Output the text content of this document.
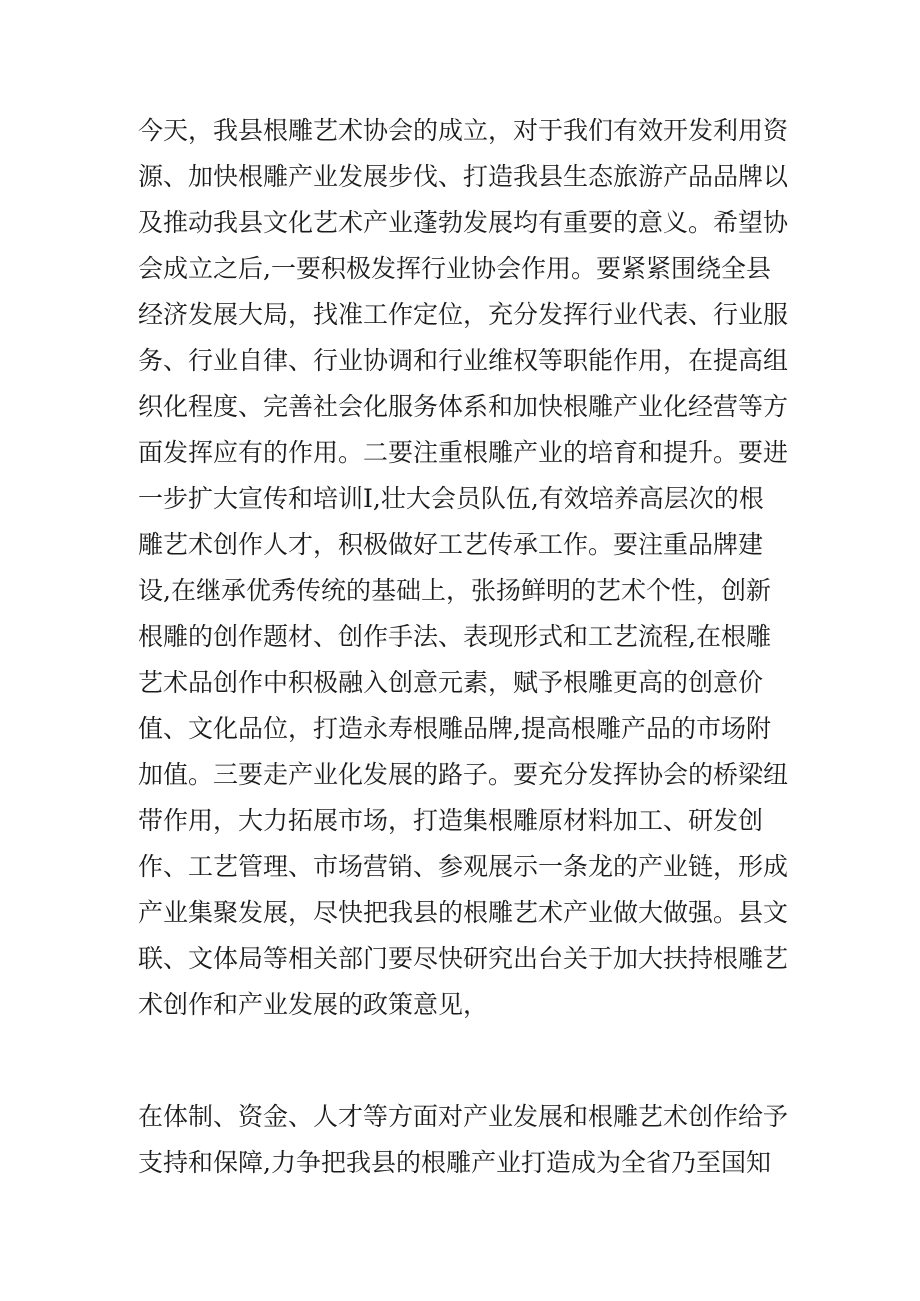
今天，我县根雕艺术协会的成立，对于我们有效开发利用资源、加快根雕产业发展步伐、打造我县生态旅游产品品牌以及推动我县文化艺术产业蓬勃发展均有重要的意义。希望协会成立之后,一要积极发挥行业协会作用。要紧紧围绕全县经济发展大局，找准工作定位，充分发挥行业代表、行业服务、行业自律、行业协调和行业维权等职能作用，在提高组织化程度、完善社会化服务体系和加快根雕产业化经营等方面发挥应有的作用。二要注重根雕产业的培育和提升。要进一步扩大宣传和培训I,壮大会员队伍,有效培养高层次的根雕艺术创作人才，积极做好工艺传承工作。要注重品牌建设,在继承优秀传统的基础上，张扬鲜明的艺术个性，创新根雕的创作题材、创作手法、表现形式和工艺流程,在根雕艺术品创作中积极融入创意元素，赋予根雕更高的创意价值、文化品位，打造永寿根雕品牌,提高根雕产品的市场附加值。三要走产业化发展的路子。要充分发挥协会的桥梁纽带作用，大力拓展市场，打造集根雕原材料加工、研发创作、工艺管理、市场营销、参观展示一条龙的产业链，形成产业集聚发展，尽快把我县的根雕艺术产业做大做强。县文联、文体局等相关部门要尽快研究出台关于加大扶持根雕艺术创作和产业发展的政策意见，

在体制、资金、人才等方面对产业发展和根雕艺术创作给予支持和保障,力争把我县的根雕产业打造成为全省乃至国知
